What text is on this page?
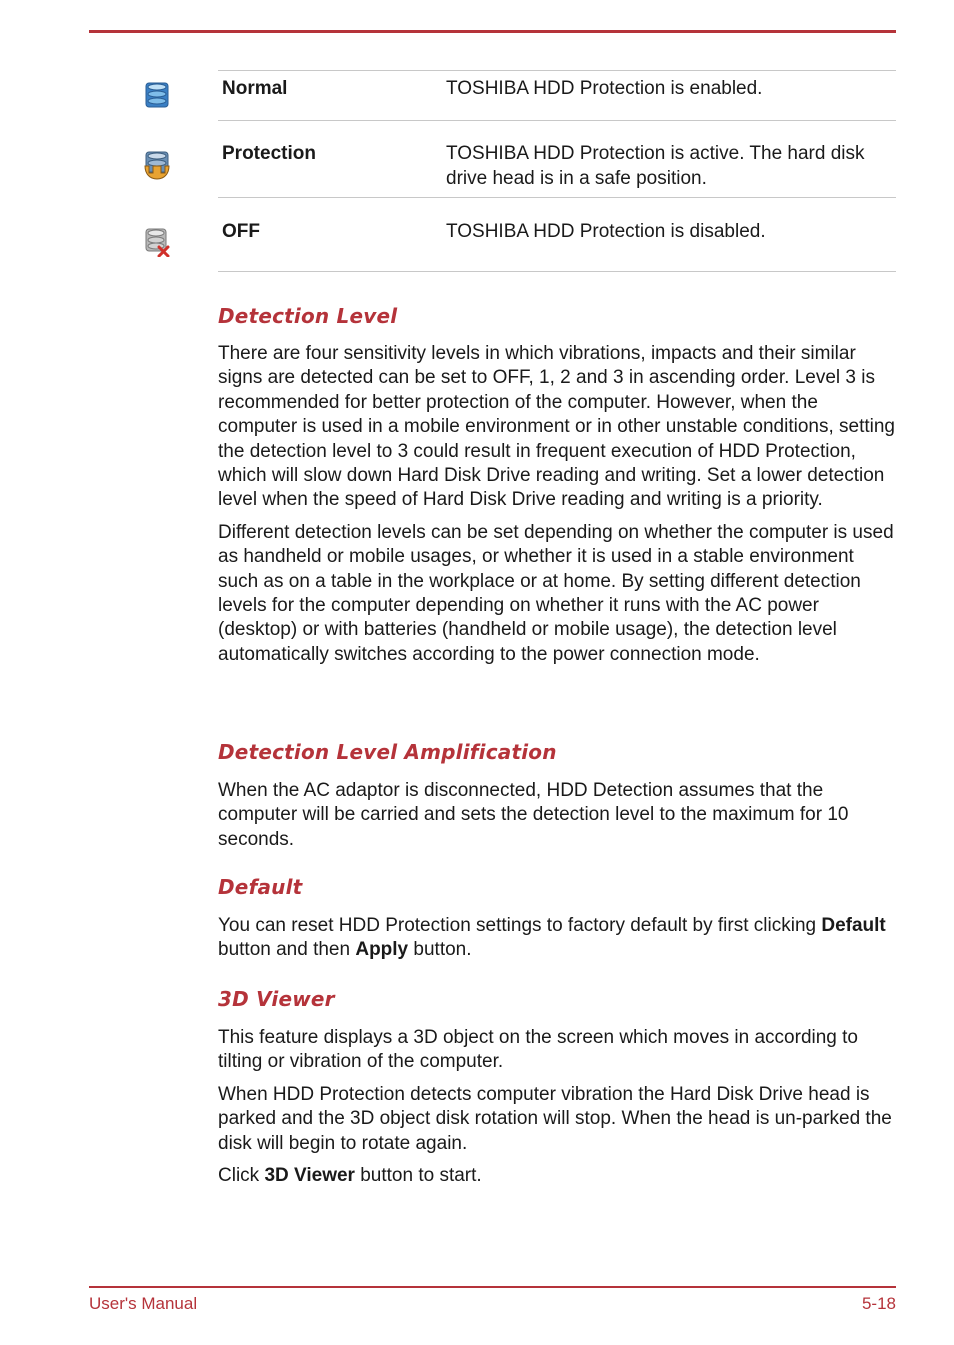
Normal	TOSHIBA HDD Protection is enabled.
Protection	TOSHIBA HDD Protection is active. The hard disk drive head is in a safe position.
OFF	TOSHIBA HDD Protection is disabled.
Detection Level

There are four sensitivity levels in which vibrations, impacts and their similar signs are detected can be set to OFF, 1, 2 and 3 in ascending order. Level 3 is recommended for better protection of the computer. However, when the computer is used in a mobile environment or in other unstable conditions, setting the detection level to 3 could result in frequent execution of HDD Protection, which will slow down Hard Disk Drive reading and writing. Set a lower detection level when the speed of Hard Disk Drive reading and writing is a priority.

Different detection levels can be set depending on whether the computer is used as handheld or mobile usages, or whether it is used in a stable environment such as on a table in the workplace or at home. By setting different detection levels for the computer depending on whether it runs with the AC power (desktop) or with batteries (handheld or mobile usage), the detection level automatically switches according to the power connection mode.

Detection Level Amplification

When the AC adaptor is disconnected, HDD Detection assumes that the computer will be carried and sets the detection level to the maximum for 10 seconds.

Default

You can reset HDD Protection settings to factory default by first clicking Default button and then Apply button.

3D Viewer

This feature displays a 3D object on the screen which moves in according to tilting or vibration of the computer.

When HDD Protection detects computer vibration the Hard Disk Drive head is parked and the 3D object disk rotation will stop. When the head is un-parked the disk will begin to rotate again.

Click 3D Viewer button to start.

User's Manual	5-18
